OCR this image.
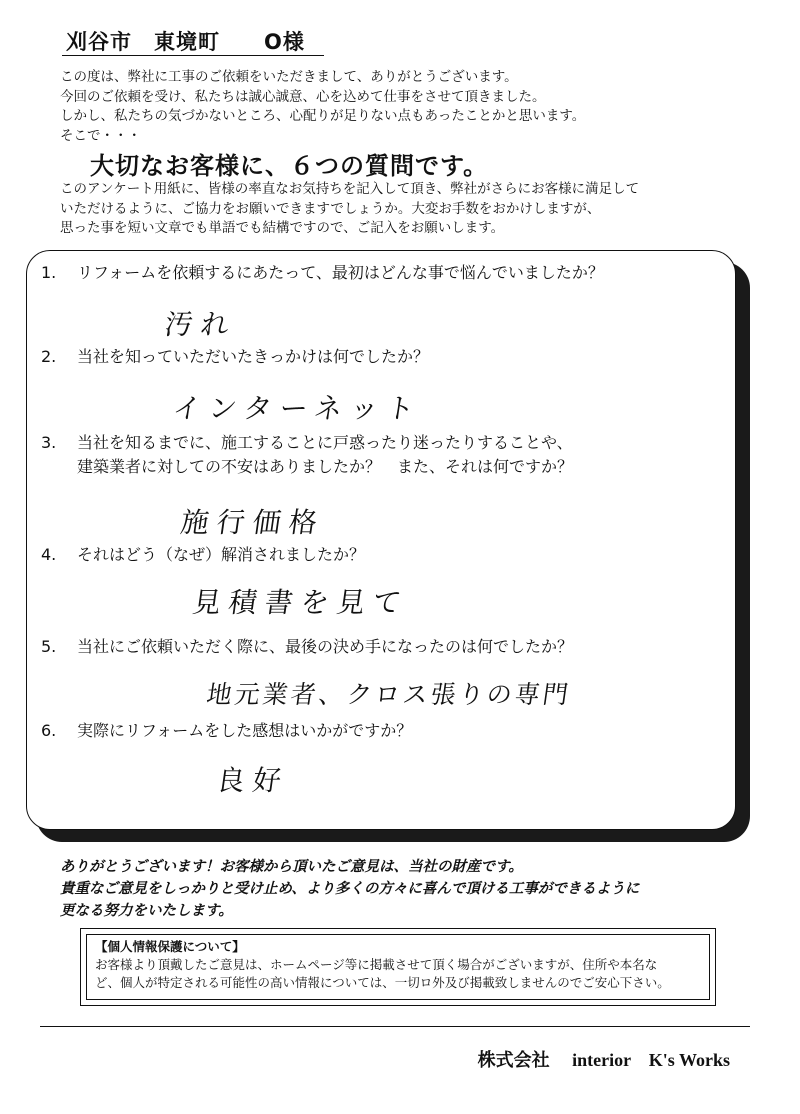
刈谷市　東境町　　O様
この度は、弊社に工事のご依頼をいただきまして、ありがとうございます。
今回のご依頼を受け、私たちは誠心誠意、心を込めて仕事をさせて頂きました。
しかし、私たちの気づかないところ、心配りが足りない点もあったことかと思います。
そこで・・・
大切なお客様に、６つの質問です。
このアンケート用紙に、皆様の率直なお気持ちを記入して頂き、弊社がさらにお客様に満足して
いただけるように、ご協力をお願いできますでしょうか。大変お手数をおかけしますが、
思った事を短い文章でも単語でも結構ですので、ご記入をお願いします。
1. リフォームを依頼するにあたって、最初はどんな事で悩んでいましたか？
汚れ
2. 当社を知っていただいたきっかけは何でしたか？
インターネット
3. 当社を知るまでに、施工することに戸惑ったり迷ったりすることや、
建築業者に対しての不安はありましたか？　また、それは何ですか？
施行価格
4. それはどう（なぜ）解消されましたか？
見積書を見て
5. 当社にご依頼いただく際に、最後の決め手になったのは何でしたか？
地元業者、クロス張りの専門
6. 実際にリフォームをした感想はいかがですか？
良好
ありがとうございます！お客様から頂いたご意見は、当社の財産です。
貴重なご意見をしっかりと受け止め、より多くの方々に喜んで頂ける工事ができるように
更なる努力をいたします。
【個人情報保護について】
お客様より頂戴したご意見は、ホームページ等に掲載させて頂く場合がございますが、住所や本名な
ど、個人が特定される可能性の高い情報については、一切ロ外及び掲載致しませんのでご安心下さい。
株式会社　 interior　K's Works
